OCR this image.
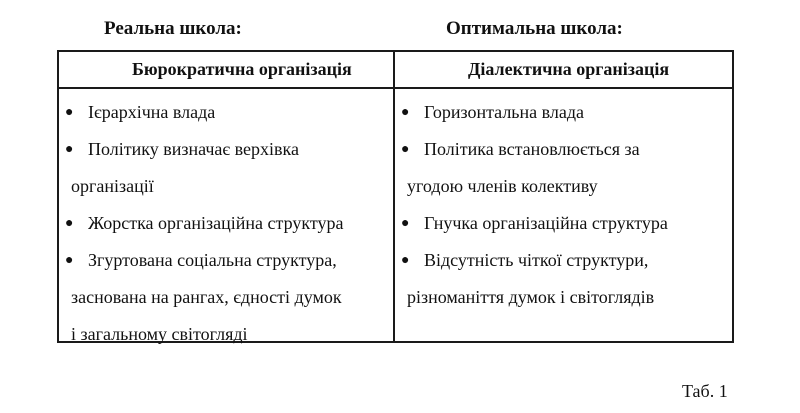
Реальна школа:	Оптимальна школа:
Бюрократична організація	Діалектична організація
● Ієрархічна влада
● Політику визначає верхівка
організації
● Жорстка організаційна структура
● Згуртована соціальна структура,
заснована на рангах, єдності думок
і загальному світогляді
● Горизонтальна влада
● Політика встановлюється за
угодою членів колективу
● Гнучка організаційна структура
● Відсутність чіткої структури,
різноманіття думок і світоглядів
Таб. 1
